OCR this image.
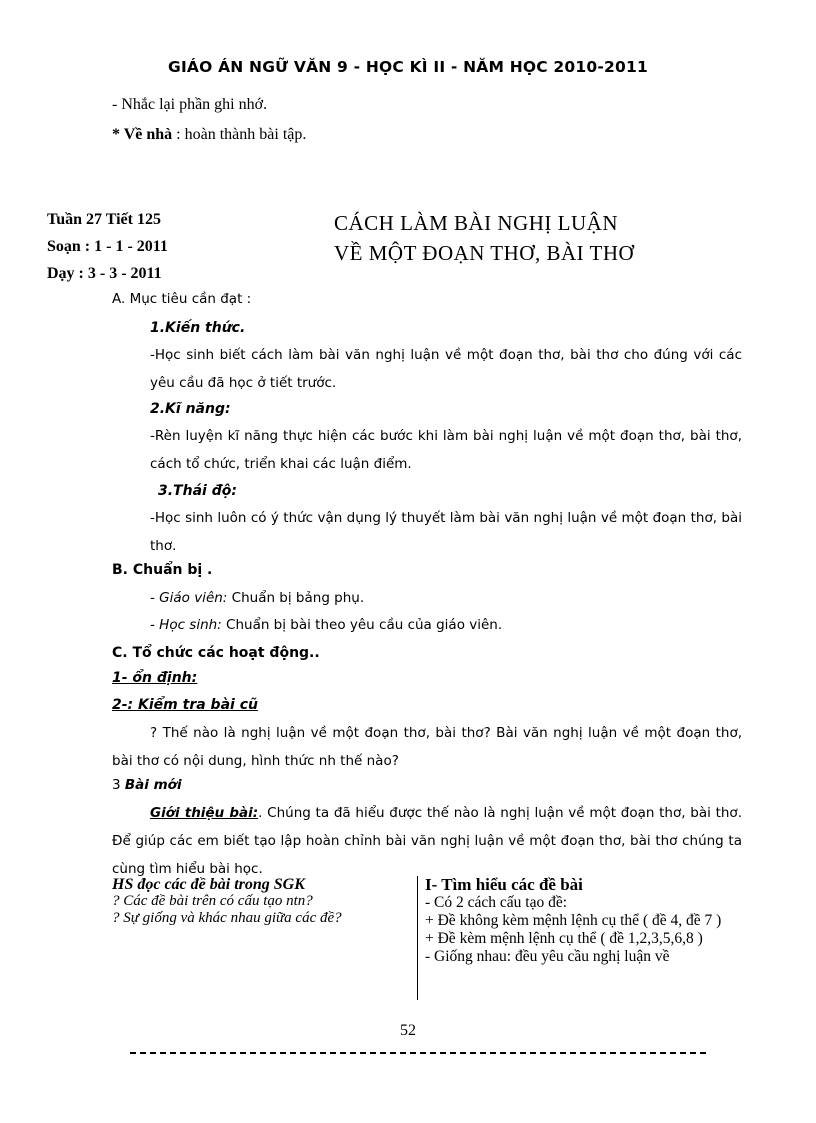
GIÁO ÁN NGỮ VĂN 9 - HỌC KÌ II - NĂM HỌC 2010-2011

- Nhắc lại phần ghi nhớ.

* Về nhà : hoàn thành bài tập.

Tuần 27 Tiết 125

Soạn : 1 - 1 - 2011

Dạy : 3 - 3 - 2011

CÁCH LÀM BÀI NGHỊ LUẬN

VỀ MỘT ĐOẠN THƠ, BÀI THƠ

A. Mục tiêu cần đạt :

1.Kiến thức.

-Học sinh biết cách làm bài văn nghị luận về một đoạn thơ, bài thơ cho đúng với các yêu cầu đã học ở tiết trước.

2.Kĩ năng:

-Rèn luyện kĩ năng thực hiện các bước khi làm bài nghị luận về một đoạn thơ, bài thơ, cách tổ chức, triển khai các luận điểm.

3.Thái độ:

-Học sinh luôn có ý thức vận dụng lý thuyết làm bài văn nghị luận về một đoạn thơ, bài thơ.

B. Chuẩn bị .

- Giáo viên: Chuẩn bị bảng phụ.

- Học sinh: Chuẩn bị bài theo yêu cầu của giáo viên.

C. Tổ chức các hoạt động..

1- ổn định:

2-: Kiểm tra bài cũ

? Thế nào là nghị luận về một đoạn thơ, bài thơ? Bài văn nghị luận về một đoạn thơ, bài thơ có nội dung, hình thức nh thế nào?

3 Bài mới

Giới thiệu bài:. Chúng ta đã hiểu được thế nào là nghị luận về một đoạn thơ, bài thơ. Để giúp các em biết tạo lập hoàn chỉnh bài văn nghị luận về một đoạn thơ, bài thơ chúng ta cùng tìm hiểu bài học.

HS đọc các đề bài trong SGK
? Các đề bài trên có cấu tạo ntn?
? Sự giống và khác nhau giữa các đề?
I- Tìm hiểu các đề bài
- Có 2 cách cấu tạo đề:
+ Đề không kèm mệnh lệnh cụ thể ( đề 4, đề 7 )
+ Đề kèm mệnh lệnh cụ thể ( đề 1,2,3,5,6,8 )
- Giống nhau: đều yêu cầu nghị luận về

52
